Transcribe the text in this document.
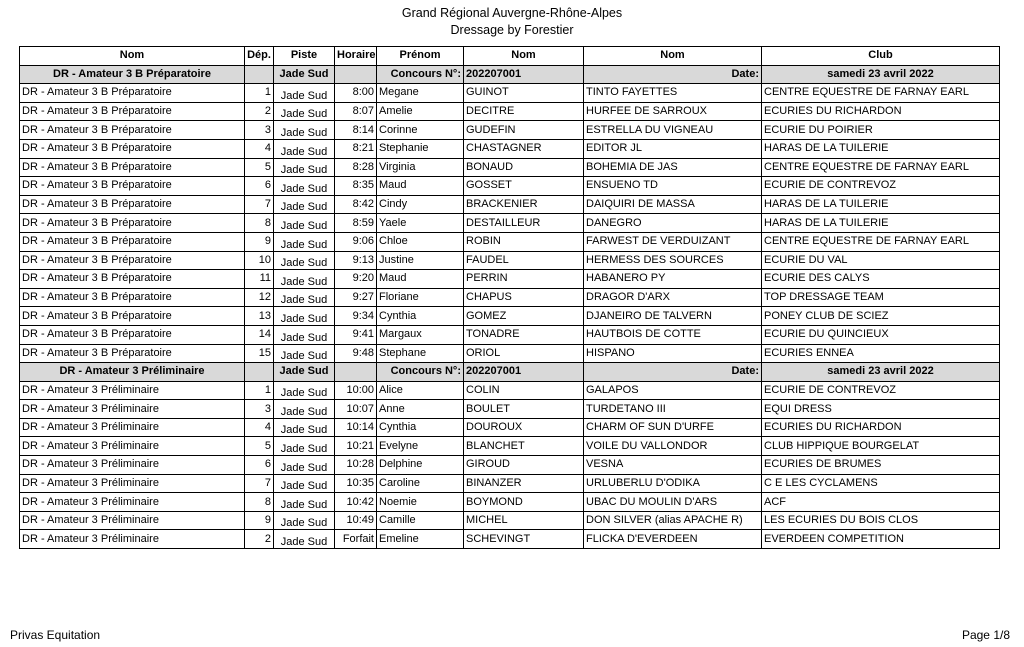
Grand Régional Auvergne-Rhône-Alpes
Dressage by Forestier
Nom	Dép.	Piste	Horaire	Prénom	Nom	Nom	Club
DR - Amateur 3 B Préparatoire		Jade Sud		Concours N°:	202207001	Date:	samedi 23 avril 2022
DR - Amateur 3 B Préparatoire	1	Jade Sud	8:00	Megane	GUINOT	TINTO FAYETTES	CENTRE EQUESTRE DE FARNAY EARL
DR - Amateur 3 B Préparatoire	2	Jade Sud	8:07	Amelie	DECITRE	HURFEE DE SARROUX	ECURIES DU RICHARDON
DR - Amateur 3 B Préparatoire	3	Jade Sud	8:14	Corinne	GUDEFIN	ESTRELLA DU VIGNEAU	ECURIE DU POIRIER
DR - Amateur 3 B Préparatoire	4	Jade Sud	8:21	Stephanie	CHASTAGNER	EDITOR JL	HARAS DE LA TUILERIE
DR - Amateur 3 B Préparatoire	5	Jade Sud	8:28	Virginia	BONAUD	BOHEMIA DE JAS	CENTRE EQUESTRE DE FARNAY EARL
DR - Amateur 3 B Préparatoire	6	Jade Sud	8:35	Maud	GOSSET	ENSUENO TD	ECURIE DE CONTREVOZ
DR - Amateur 3 B Préparatoire	7	Jade Sud	8:42	Cindy	BRACKENIER	DAIQUIRI DE MASSA	HARAS DE LA TUILERIE
DR - Amateur 3 B Préparatoire	8	Jade Sud	8:59	Yaele	DESTAILLEUR	DANEGRO	HARAS DE LA TUILERIE
DR - Amateur 3 B Préparatoire	9	Jade Sud	9:06	Chloe	ROBIN	FARWEST DE VERDUIZANT	CENTRE EQUESTRE DE FARNAY EARL
DR - Amateur 3 B Préparatoire	10	Jade Sud	9:13	Justine	FAUDEL	HERMESS DES SOURCES	ECURIE DU VAL
DR - Amateur 3 B Préparatoire	11	Jade Sud	9:20	Maud	PERRIN	HABANERO PY	ECURIE DES CALYS
DR - Amateur 3 B Préparatoire	12	Jade Sud	9:27	Floriane	CHAPUS	DRAGOR D'ARX	TOP DRESSAGE TEAM
DR - Amateur 3 B Préparatoire	13	Jade Sud	9:34	Cynthia	GOMEZ	DJANEIRO DE TALVERN	PONEY CLUB DE SCIEZ
DR - Amateur 3 B Préparatoire	14	Jade Sud	9:41	Margaux	TONADRE	HAUTBOIS DE COTTE	ECURIE DU QUINCIEUX
DR - Amateur 3 B Préparatoire	15	Jade Sud	9:48	Stephane	ORIOL	HISPANO	ECURIES ENNEA
DR - Amateur 3 Préliminaire		Jade Sud		Concours N°:	202207001	Date:	samedi 23 avril 2022
DR - Amateur 3 Préliminaire	1	Jade Sud	10:00	Alice	COLIN	GALAPOS	ECURIE DE CONTREVOZ
DR - Amateur 3 Préliminaire	3	Jade Sud	10:07	Anne	BOULET	TURDETANO III	EQUI DRESS
DR - Amateur 3 Préliminaire	4	Jade Sud	10:14	Cynthia	DOUROUX	CHARM OF SUN D'URFE	ECURIES DU RICHARDON
DR - Amateur 3 Préliminaire	5	Jade Sud	10:21	Evelyne	BLANCHET	VOILE DU VALLONDOR	CLUB HIPPIQUE BOURGELAT
DR - Amateur 3 Préliminaire	6	Jade Sud	10:28	Delphine	GIROUD	VESNA	ECURIES DE BRUMES
DR - Amateur 3 Préliminaire	7	Jade Sud	10:35	Caroline	BINANZER	URLUBERLU D'ODIKA	C E LES CYCLAMENS
DR - Amateur 3 Préliminaire	8	Jade Sud	10:42	Noemie	BOYMOND	UBAC DU MOULIN D'ARS	ACF
DR - Amateur 3 Préliminaire	9	Jade Sud	10:49	Camille	MICHEL	DON SILVER (alias APACHE R)	LES ECURIES DU BOIS CLOS
DR - Amateur 3 Préliminaire	2	Jade Sud	Forfait	Emeline	SCHEVINGT	FLICKA D'EVERDEEN	EVERDEEN COMPETITION
Privas Equitation	Page 1/8
